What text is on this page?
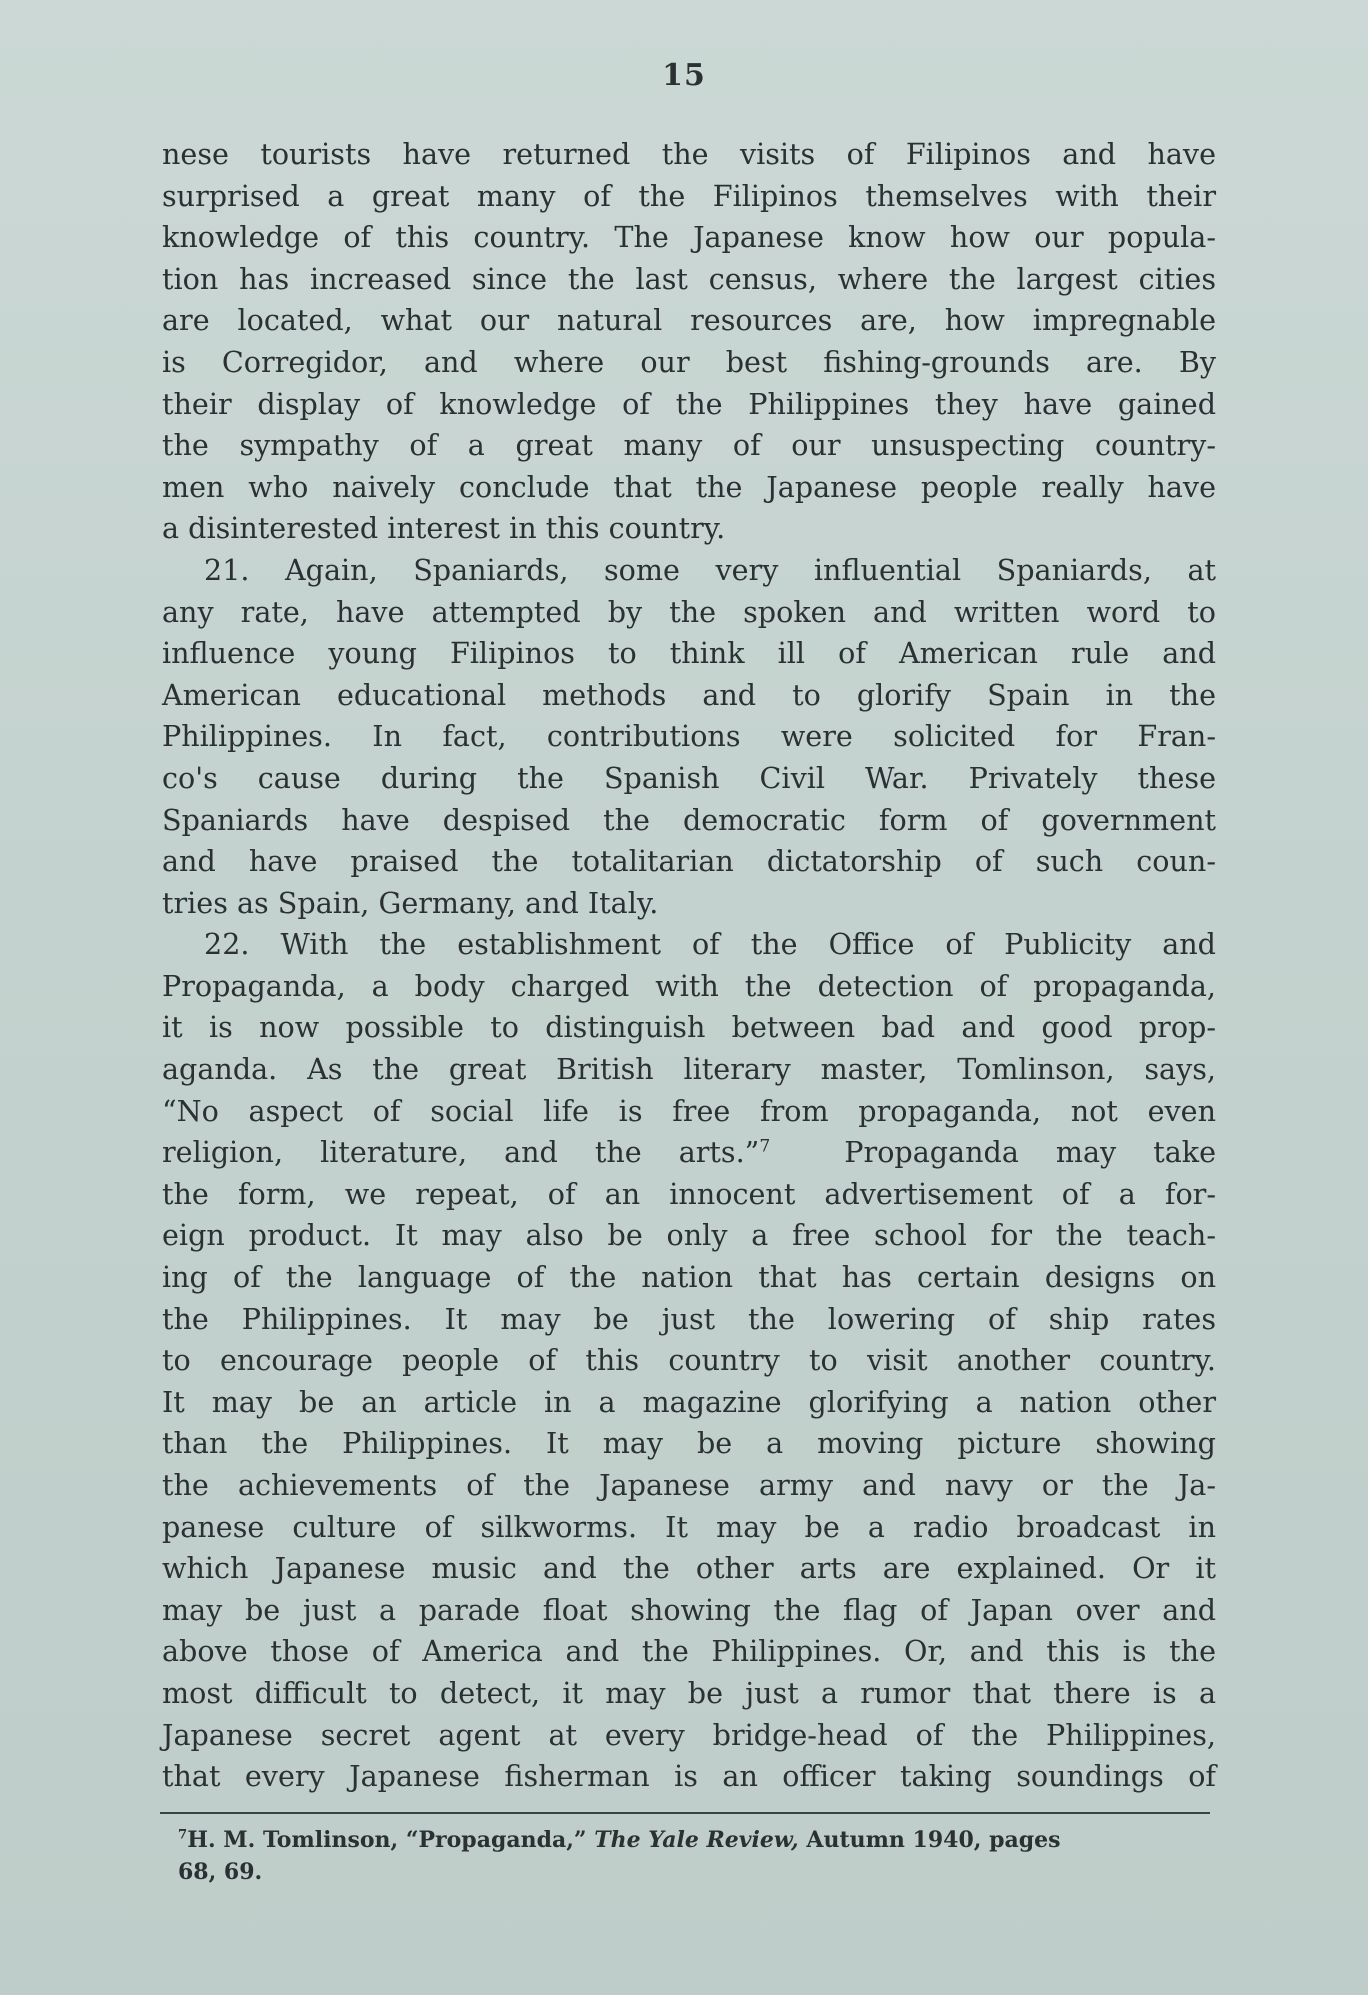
15
nese tourists have returned the visits of Filipinos and have
surprised a great many of the Filipinos themselves with their
knowledge of this country. The Japanese know how our popula-
tion has increased since the last census, where the largest cities
are located, what our natural resources are, how impregnable
is Corregidor, and where our best fishing-grounds are. By
their display of knowledge of the Philippines they have gained
the sympathy of a great many of our unsuspecting country-
men who naively conclude that the Japanese people really have
a disinterested interest in this country.
21. Again, Spaniards, some very influential Spaniards, at
any rate, have attempted by the spoken and written word to
influence young Filipinos to think ill of American rule and
American educational methods and to glorify Spain in the
Philippines. In fact, contributions were solicited for Fran-
co's cause during the Spanish Civil War. Privately these
Spaniards have despised the democratic form of government
and have praised the totalitarian dictatorship of such coun-
tries as Spain, Germany, and Italy.
22. With the establishment of the Office of Publicity and
Propaganda, a body charged with the detection of propaganda,
it is now possible to distinguish between bad and good prop-
aganda. As the great British literary master, Tomlinson, says,
“No aspect of social life is free from propaganda, not even
religion, literature, and the arts.”$^7$	Propaganda may take
the form, we repeat, of an innocent advertisement of a for-
eign product. It may also be only a free school for the teach-
ing of the language of the nation that has certain designs on
the Philippines. It may be just the lowering of ship rates
to encourage people of this country to visit another country.
It may be an article in a magazine glorifying a nation other
than the Philippines. It may be a moving picture showing
the achievements of the Japanese army and navy or the Ja-
panese culture of silkworms. It may be a radio broadcast in
which Japanese music and the other arts are explained. Or it
may be just a parade float showing the flag of Japan over and
above those of America and the Philippines. Or, and this is the
most difficult to detect, it may be just a rumor that there is a
Japanese secret agent at every bridge-head of the Philippines,
that every Japanese fisherman is an officer taking soundings of
$^7$H. M. Tomlinson, “Propaganda,” The Yale Review, Autumn 1940, pages
68, 69.
